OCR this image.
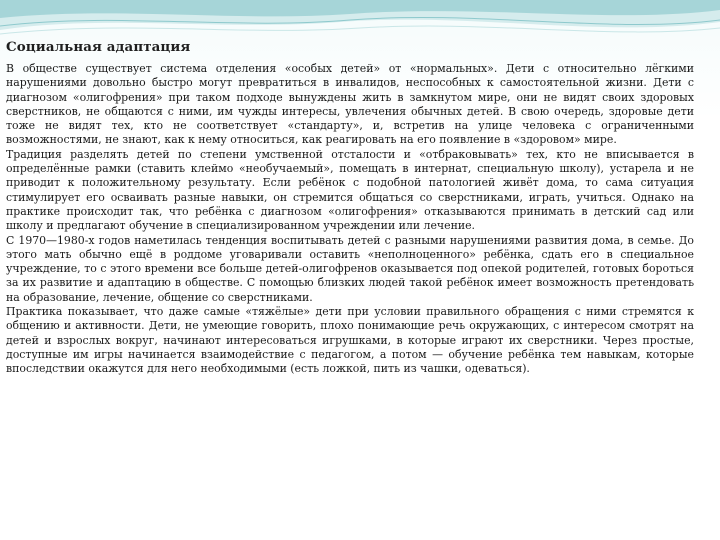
Социальная адаптация

В обществе существует система отделения «особых детей» от «нормальных». Дети с относительно лёгкими нарушениями довольно быстро могут превратиться в инвалидов, неспособных к самостоятельной жизни. Дети с диагнозом «олигофрения» при таком подходе вынуждены жить в замкнутом мире, они не видят своих здоровых сверстников, не общаются с ними, им чужды интересы, увлечения обычных детей. В свою очередь, здоровые дети тоже не видят тех, кто не соответствует «стандарту», и, встретив на улице человека с ограниченными возможностями, не знают, как к нему относиться, как реагировать на его появление в «здоровом» мире.

Традиция разделять детей по степени умственной отсталости и «отбраковывать» тех, кто не вписывается в определённые рамки (ставить клеймо «необучаемый», помещать в интернат, специальную школу), устарела и не приводит к положительному результату. Если ребёнок с подобной патологией живёт дома, то сама ситуация стимулирует его осваивать разные навыки, он стремится общаться со сверстниками, играть, учиться. Однако на практике происходит так, что ребёнка с диагнозом «олигофрения» отказываются принимать в детский сад или школу и предлагают обучение в специализированном учреждении или лечение.

С 1970—1980-х годов наметилась тенденция воспитывать детей с разными нарушениями развития дома, в семье. До этого мать обычно ещё в роддоме уговаривали оставить «неполноценного» ребёнка, сдать его в специальное учреждение, то с этого времени все больше детей-олигофренов оказывается под опекой родителей, готовых бороться за их развитие и адаптацию в обществе. С помощью близких людей такой ребёнок имеет возможность претендовать на образование, лечение, общение со сверстниками.

Практика показывает, что даже самые «тяжёлые» дети при условии правильного обращения с ними стремятся к общению и активности. Дети, не умеющие говорить, плохо понимающие речь окружающих, с интересом смотрят на детей и взрослых вокруг, начинают интересоваться игрушками, в которые играют их сверстники. Через простые, доступные им игры начинается взаимодействие с педагогом, а потом — обучение ребёнка тем навыкам, которые впоследствии окажутся для него необходимыми (есть ложкой, пить из чашки, одеваться).
